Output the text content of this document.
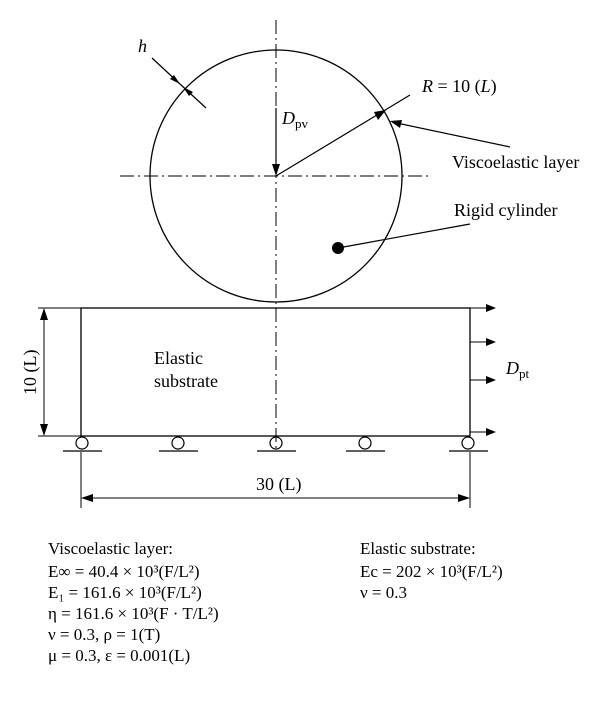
h
R = 10 (L)
$D_{pv}$
Viscoelastic layer
Rigid cylinder
Elastic
substrate
10 (L)	$D_{pt}$
30 (L)
Viscoelastic layer:
E∞ = 40.4 × 10³(F/L²)
E₁ = 161.6 × 10³(F/L²)
η = 161.6 × 10³(F · T/L²)
ν = 0.3, ρ = 1(T)
μ = 0.3, ε = 0.001(L)
Elastic substrate:
Ec = 202 × 10³(F/L²)
ν = 0.3
